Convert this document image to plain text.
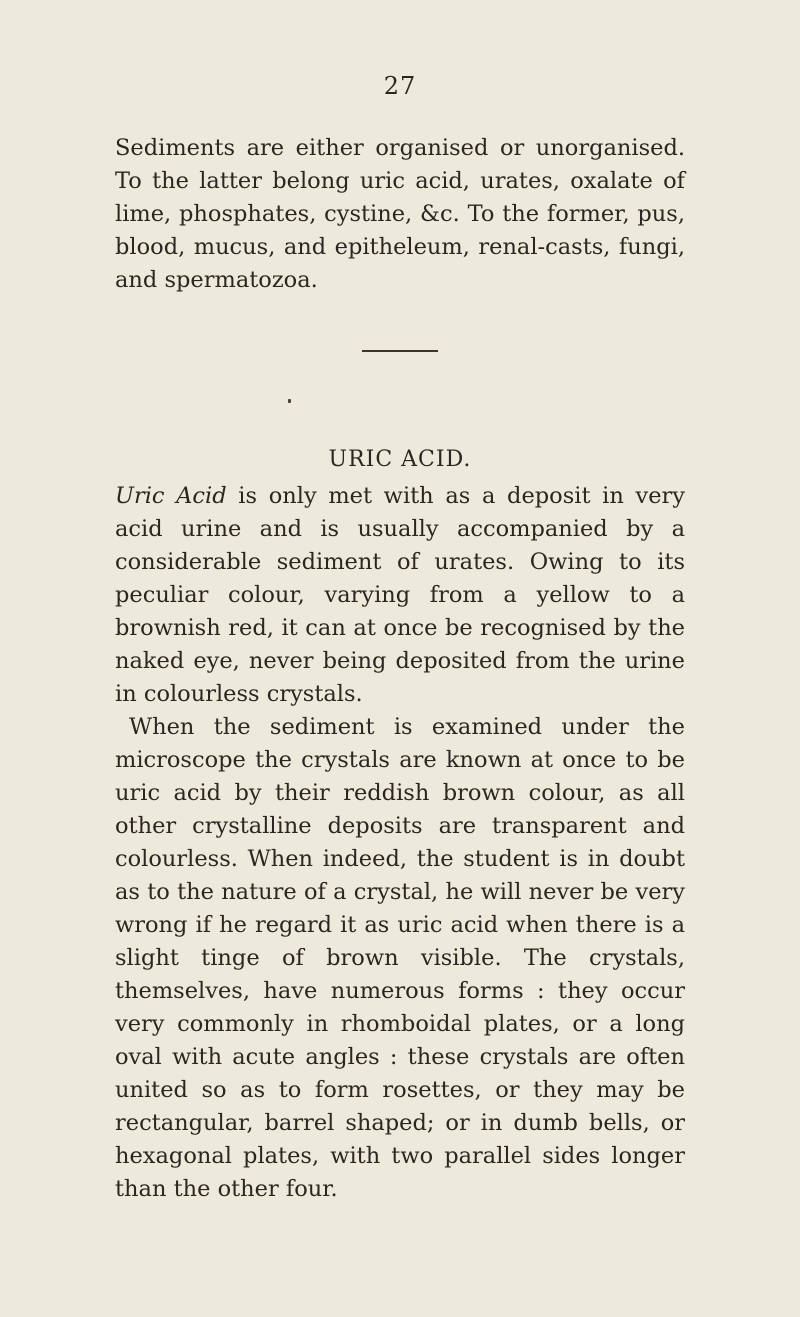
27

Sediments are either organised or unorganised. To the latter belong uric acid, urates, oxalate of lime, phosphates, cystine, &c. To the former, pus, blood, mucus, and epitheleum, renal-casts, fungi, and spermatozoa.

URIC ACID.

Uric Acid is only met with as a deposit in very acid urine and is usually accompanied by a considerable sediment of urates. Owing to its peculiar colour, varying from a yellow to a brownish red, it can at once be recognised by the naked eye, never being deposited from the urine in colourless crystals.

When the sediment is examined under the microscope the crystals are known at once to be uric acid by their reddish brown colour, as all other crystalline deposits are transparent and colourless. When indeed, the student is in doubt as to the nature of a crystal, he will never be very wrong if he regard it as uric acid when there is a slight tinge of brown visible. The crystals, themselves, have numerous forms : they occur very commonly in rhomboidal plates, or a long oval with acute angles : these crystals are often united so as to form rosettes, or they may be rectangular, barrel shaped; or in dumb bells, or hexagonal plates, with two parallel sides longer than the other four.
